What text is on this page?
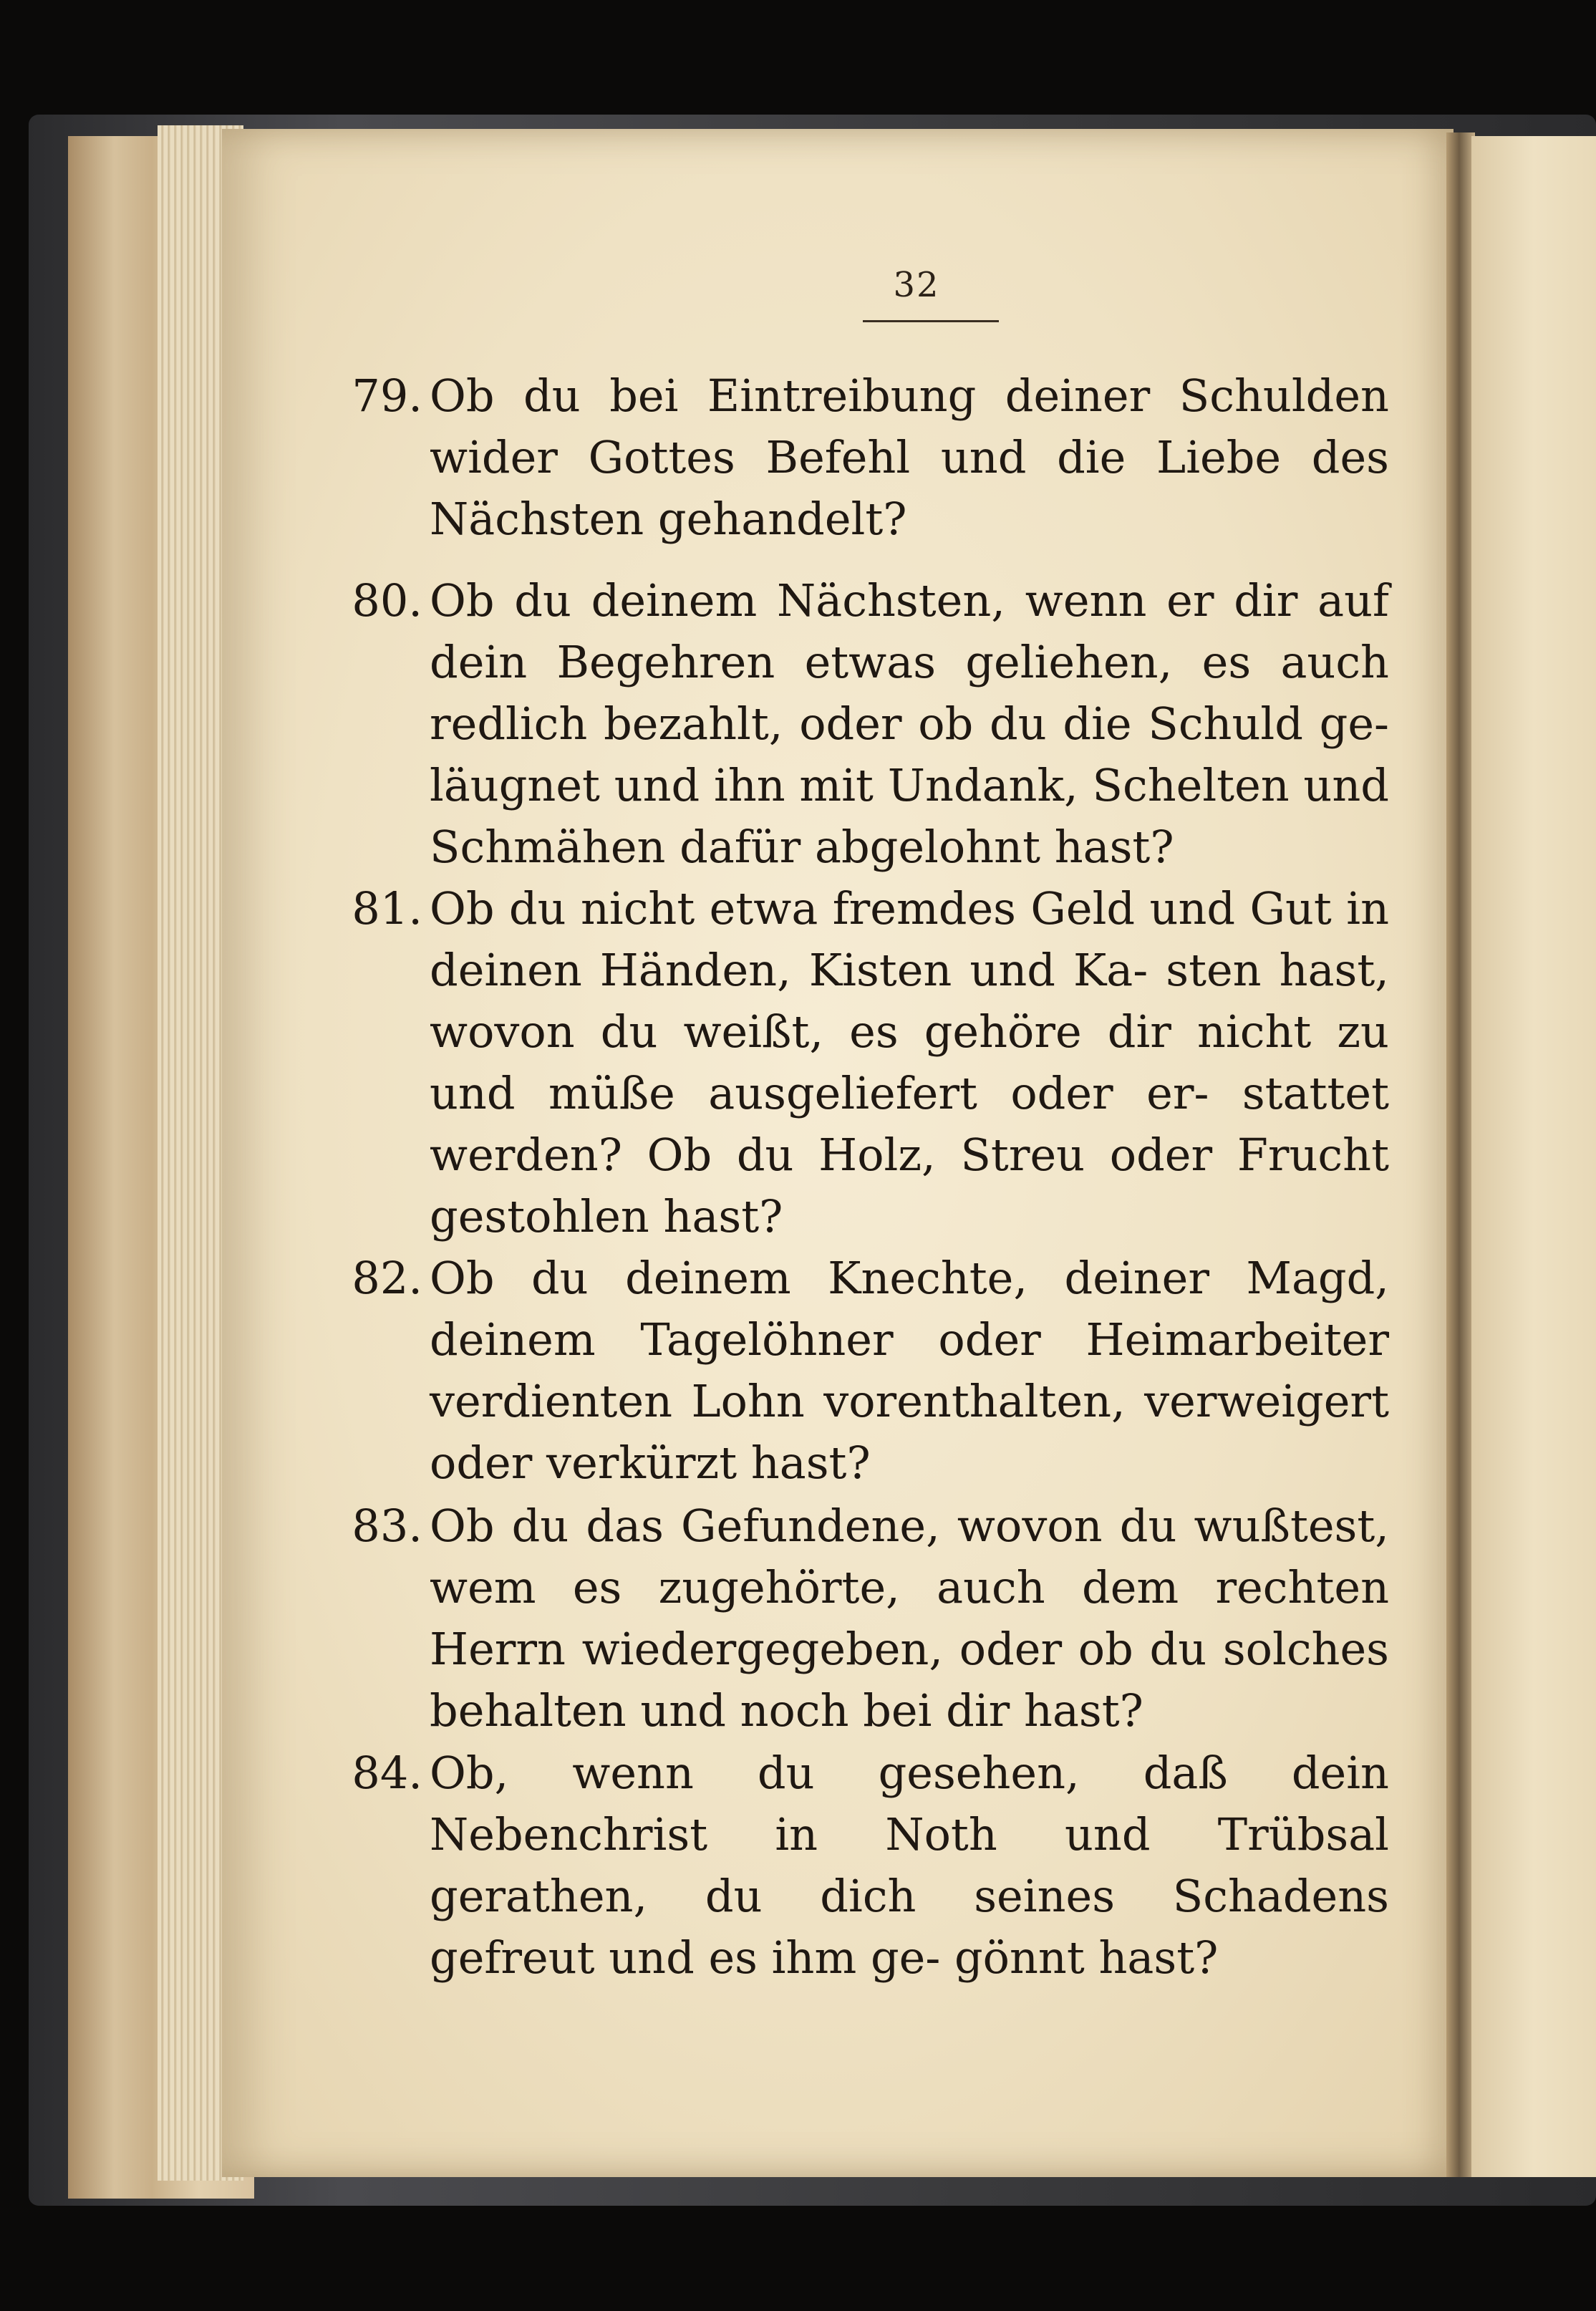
32
79. Ob du bei Eintreibung deiner Schulden wider Gottes Befehl und die Liebe des Nächsten gehandelt?

80. Ob du deinem Nächsten, wenn er dir auf dein Begehren etwas geliehen, es auch redlich bezahlt, oder ob du die Schuld ge‑ läugnet und ihn mit Undank, Schelten und Schmähen dafür abgelohnt hast?

81. Ob du nicht etwa fremdes Geld und Gut in deinen Händen, Kisten und Ka‑ sten hast, wovon du weißt, es gehöre dir nicht zu und müße ausgeliefert oder er‑ stattet werden? Ob du Holz, Streu oder Frucht gestohlen hast?

82. Ob du deinem Knechte, deiner Magd, deinem Tagelöhner oder Heimarbeiter verdienten Lohn vorenthalten, verweigert oder verkürzt hast?

83. Ob du das Gefundene, wovon du wußtest, wem es zugehörte, auch dem rechten Herrn wiedergegeben, oder ob du solches behalten und noch bei dir hast?

84. Ob, wenn du gesehen, daß dein Nebenchrist in Noth und Trübsal gerathen, du dich seines Schadens gefreut und es ihm ge‑ gönnt hast?
